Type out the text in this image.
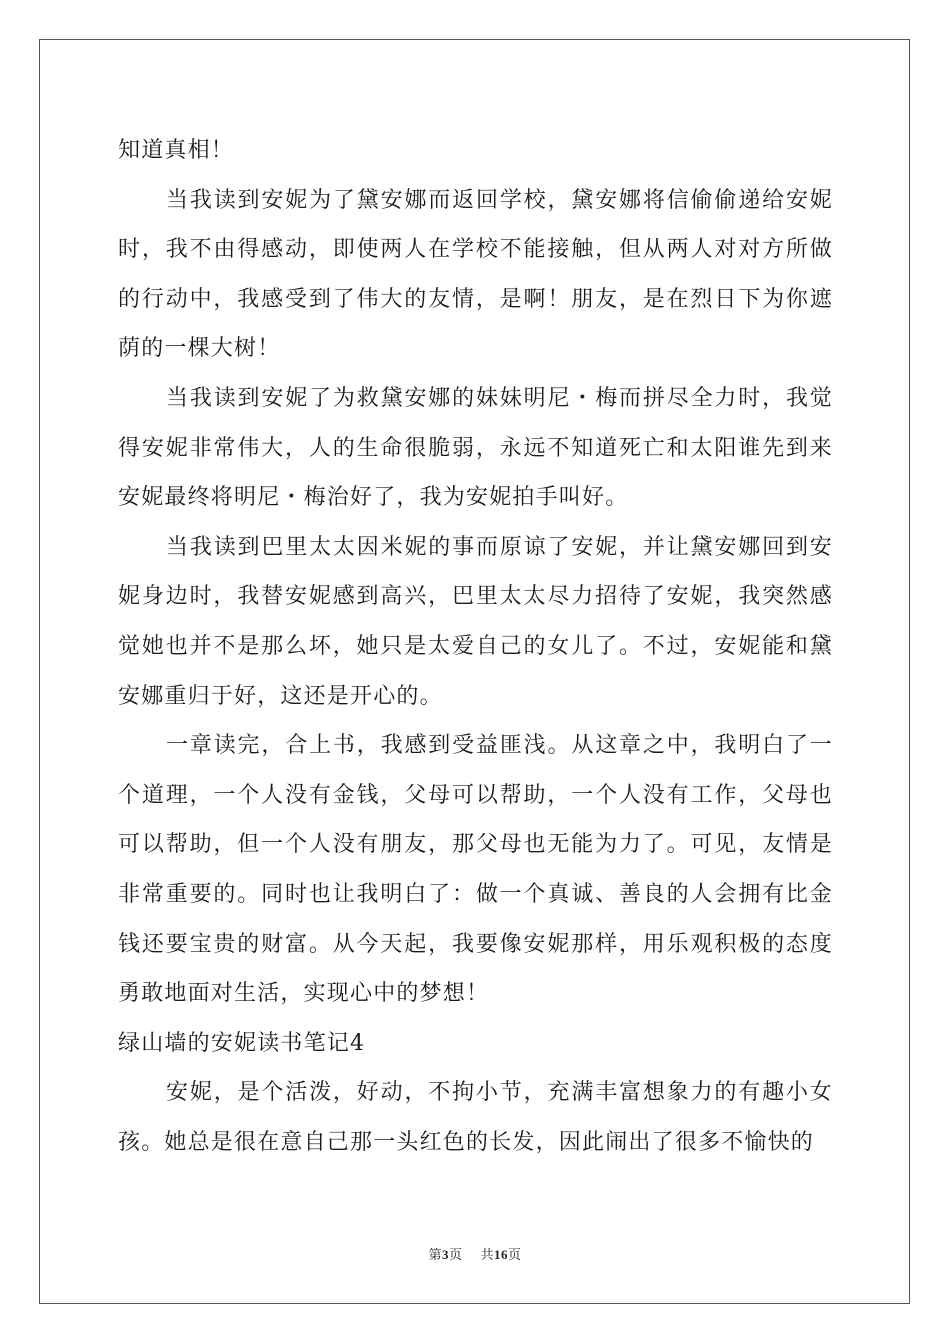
知道真相！

当我读到安妮为了黛安娜而返回学校，黛安娜将信偷偷递给安妮时，我不由得感动，即使两人在学校不能接触，但从两人对对方所做的行动中，我感受到了伟大的友情，是啊！朋友，是在烈日下为你遮荫的一棵大树！

当我读到安妮了为救黛安娜的妹妹明尼・梅而拼尽全力时，我觉得安妮非常伟大，人的生命很脆弱，永远不知道死亡和太阳谁先到来安妮最终将明尼・梅治好了，我为安妮拍手叫好。

当我读到巴里太太因米妮的事而原谅了安妮，并让黛安娜回到安妮身边时，我替安妮感到高兴，巴里太太尽力招待了安妮，我突然感觉她也并不是那么坏，她只是太爱自己的女儿了。不过，安妮能和黛安娜重归于好，这还是开心的。

一章读完，合上书，我感到受益匪浅。从这章之中，我明白了一个道理，一个人没有金钱，父母可以帮助，一个人没有工作，父母也可以帮助，但一个人没有朋友，那父母也无能为力了。可见，友情是非常重要的。同时也让我明白了：做一个真诚、善良的人会拥有比金钱还要宝贵的财富。从今天起，我要像安妮那样，用乐观积极的态度勇敢地面对生活，实现心中的梦想！

绿山墙的安妮读书笔记4

安妮，是个活泼，好动，不拘小节，充满丰富想象力的有趣小女孩。她总是很在意自己那一头红色的长发，因此闹出了很多不愉快的

第3页 共16页
